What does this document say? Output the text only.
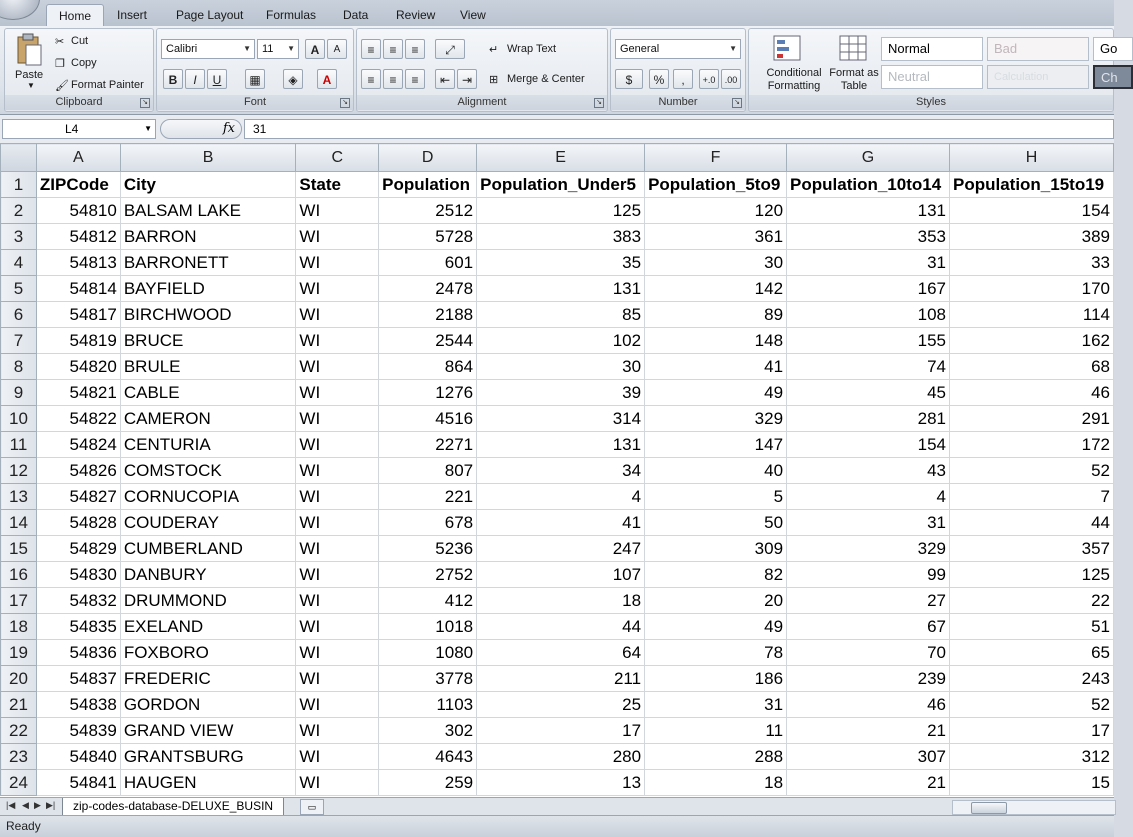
Home	Insert Page Layout Formulas Data Review View
Paste
▼
✂ Cut
❐ Copy
🖌 Format Painter
Clipboard	↘
Calibri	▼	11 ▼	A	A
B	I	U	▦	◈	A
Font	↘
≡	≡	≡	⤢
≡	≡	≡	⇤ ⇥
↵ Wrap Text
⊞ Merge & Center
Alignment	↘
General	▼
$	%	,	+.0	.00
Number	↘
Conditional Formatting
Format as Table
Normal	Bad	Go
Neutral	Calculation	Ch
Styles
L4	▼	fx	31
	A	B	C	D	E	F	G	H
1	ZIPCode	City	State	Population	Population_Under5	Population_5to9	Population_10to14	Population_15to19
2	54810	BALSAM LAKE	WI	2512	125	120	131	154
3	54812	BARRON	WI	5728	383	361	353	389
4	54813	BARRONETT	WI	601	35	30	31	33
5	54814	BAYFIELD	WI	2478	131	142	167	170
6	54817	BIRCHWOOD	WI	2188	85	89	108	114
7	54819	BRUCE	WI	2544	102	148	155	162
8	54820	BRULE	WI	864	30	41	74	68
9	54821	CABLE	WI	1276	39	49	45	46
10	54822	CAMERON	WI	4516	314	329	281	291
11	54824	CENTURIA	WI	2271	131	147	154	172
12	54826	COMSTOCK	WI	807	34	40	43	52
13	54827	CORNUCOPIA	WI	221	4	5	4	7
14	54828	COUDERAY	WI	678	41	50	31	44
15	54829	CUMBERLAND	WI	5236	247	309	329	357
16	54830	DANBURY	WI	2752	107	82	99	125
17	54832	DRUMMOND	WI	412	18	20	27	22
18	54835	EXELAND	WI	1018	44	49	67	51
19	54836	FOXBORO	WI	1080	64	78	70	65
20	54837	FREDERIC	WI	3778	211	186	239	243
21	54838	GORDON	WI	1103	25	31	46	52
22	54839	GRAND VIEW	WI	302	17	11	21	17
23	54840	GRANTSBURG	WI	4643	280	288	307	312
24	54841	HAUGEN	WI	259	13	18	21	15
|◀ ◀ ▶ ▶|	zip-codes-database-DELUXE_BUSIN	▭
Ready
